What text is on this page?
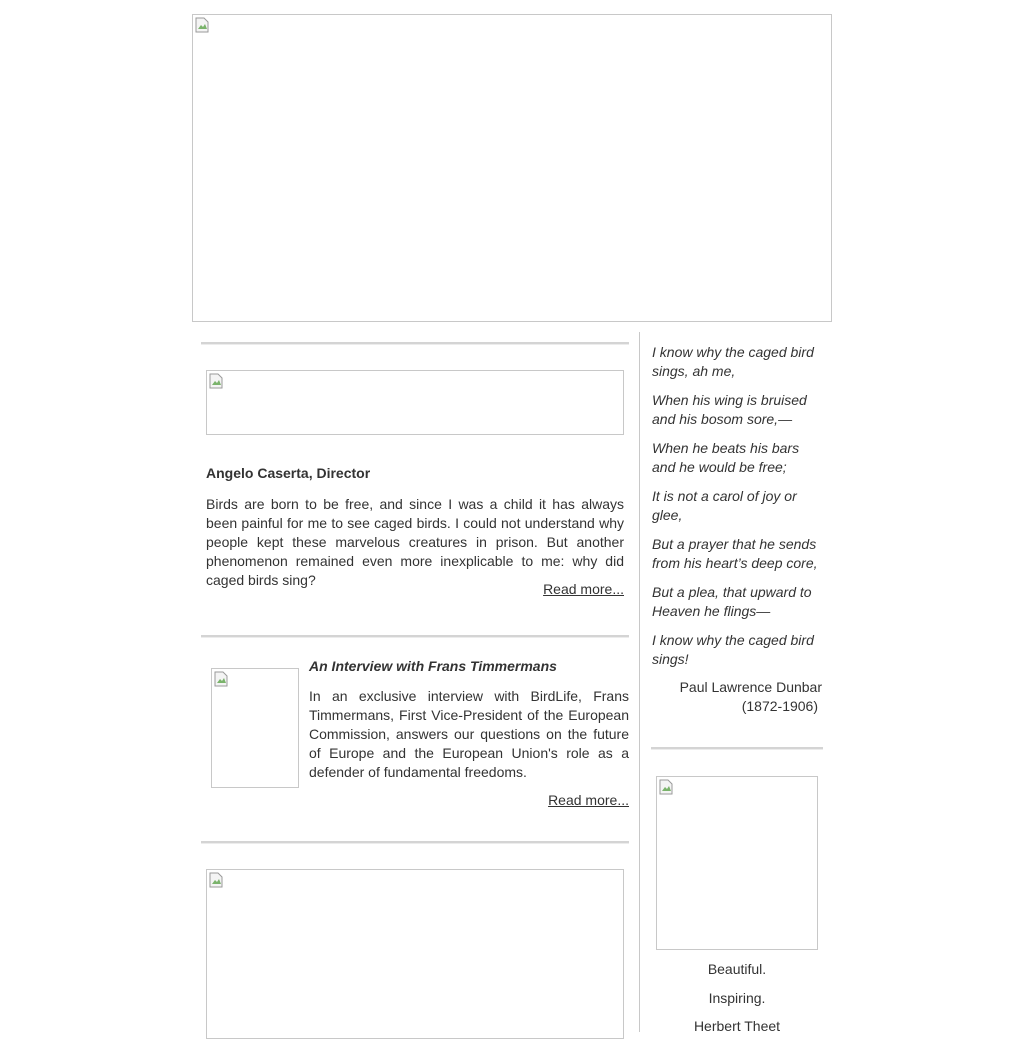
Angelo Caserta, Director
Birds are born to be free, and since I was a child it has always been painful for me to see caged birds. I could not understand why people kept these marvelous creatures in prison. But another phenomenon remained even more inexplicable to me: why did caged birds sing?
Read more...
An Interview with Frans Timmermans
In an exclusive interview with BirdLife, Frans Timmermans, First Vice-President of the European Commission, answers our questions on the future of Europe and the European Union's role as a defender of fundamental freedoms.
Read more...

I know why the caged bird sings, ah me,

When his wing is bruised and his bosom sore,—

When he beats his bars and he would be free;

It is not a carol of joy or glee,

But a prayer that he sends from his heart’s deep core,

But a plea, that upward to Heaven he flings—

I know why the caged bird sings!

Paul Lawrence Dunbar
(1872-1906)
Beautiful.
Inspiring.
Herbert Theet
